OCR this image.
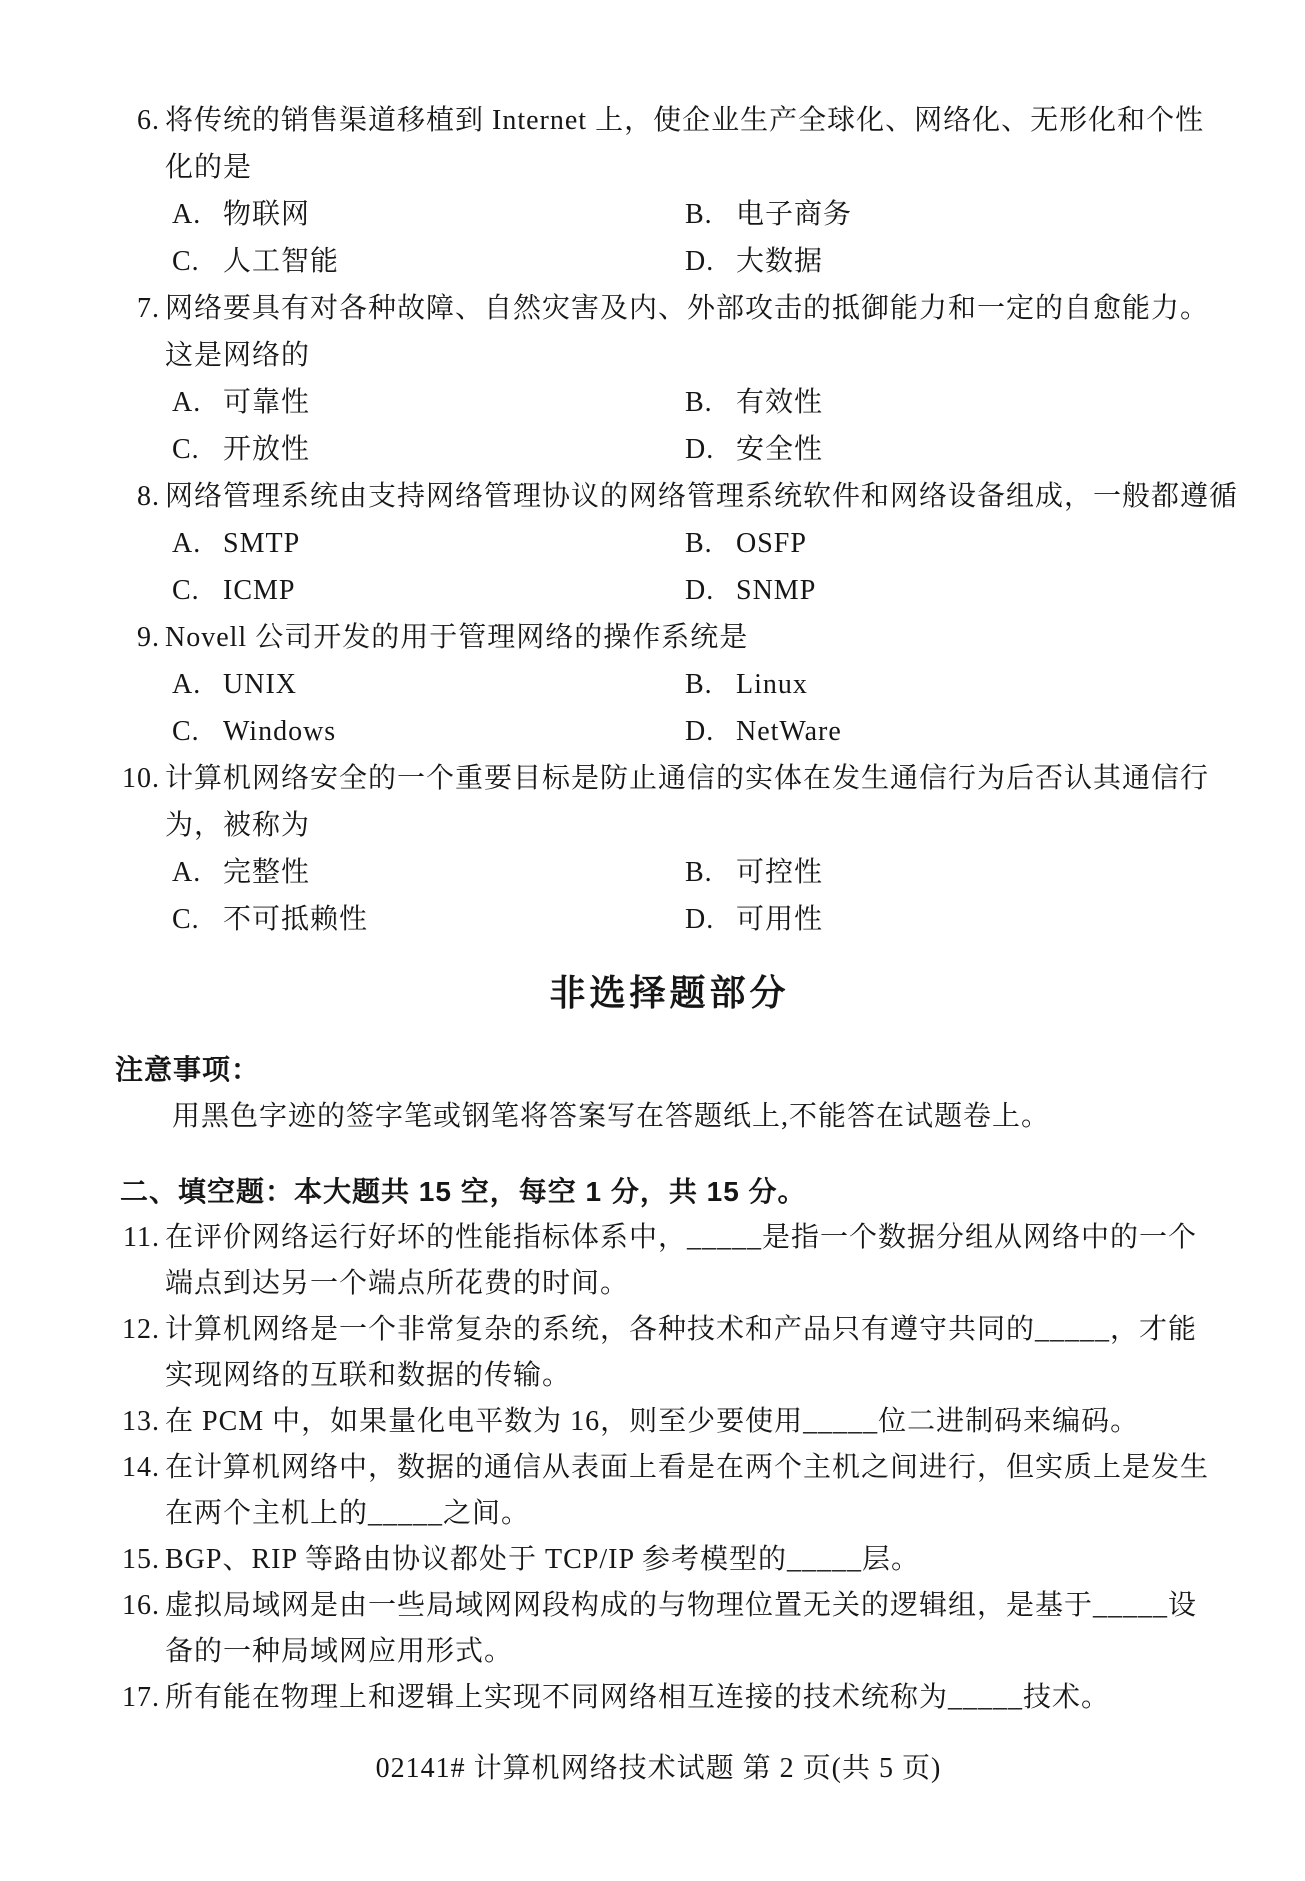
6. 将传统的销售渠道移植到 Internet 上，使企业生产全球化、网络化、无形化和个性
化的是
A. 物联网	B. 电子商务
C. 人工智能	D. 大数据
7. 网络要具有对各种故障、自然灾害及内、外部攻击的抵御能力和一定的自愈能力。
这是网络的
A. 可靠性	B. 有效性
C. 开放性	D. 安全性
8. 网络管理系统由支持网络管理协议的网络管理系统软件和网络设备组成，一般都遵循
A. SMTP	B. OSFP
C. ICMP	D. SNMP
9. Novell 公司开发的用于管理网络的操作系统是
A. UNIX	B. Linux
C. Windows	D. NetWare
10. 计算机网络安全的一个重要目标是防止通信的实体在发生通信行为后否认其通信行
为，被称为
A. 完整性	B. 可控性
C. 不可抵赖性	D. 可用性
非选择题部分
注意事项：
用黑色字迹的签字笔或钢笔将答案写在答题纸上,不能答在试题卷上。
二、填空题：本大题共 15 空，每空 1 分，共 15 分。
11. 在评价网络运行好坏的性能指标体系中，_____是指一个数据分组从网络中的一个
端点到达另一个端点所花费的时间。
12. 计算机网络是一个非常复杂的系统，各种技术和产品只有遵守共同的_____，才能
实现网络的互联和数据的传输。
13. 在 PCM 中，如果量化电平数为 16，则至少要使用_____位二进制码来编码。
14. 在计算机网络中，数据的通信从表面上看是在两个主机之间进行，但实质上是发生
在两个主机上的_____之间。
15. BGP、RIP 等路由协议都处于 TCP/IP 参考模型的_____层。
16. 虚拟局域网是由一些局域网网段构成的与物理位置无关的逻辑组，是基于_____设
备的一种局域网应用形式。
17. 所有能在物理上和逻辑上实现不同网络相互连接的技术统称为_____技术。
02141# 计算机网络技术试题 第 2 页(共 5 页)
